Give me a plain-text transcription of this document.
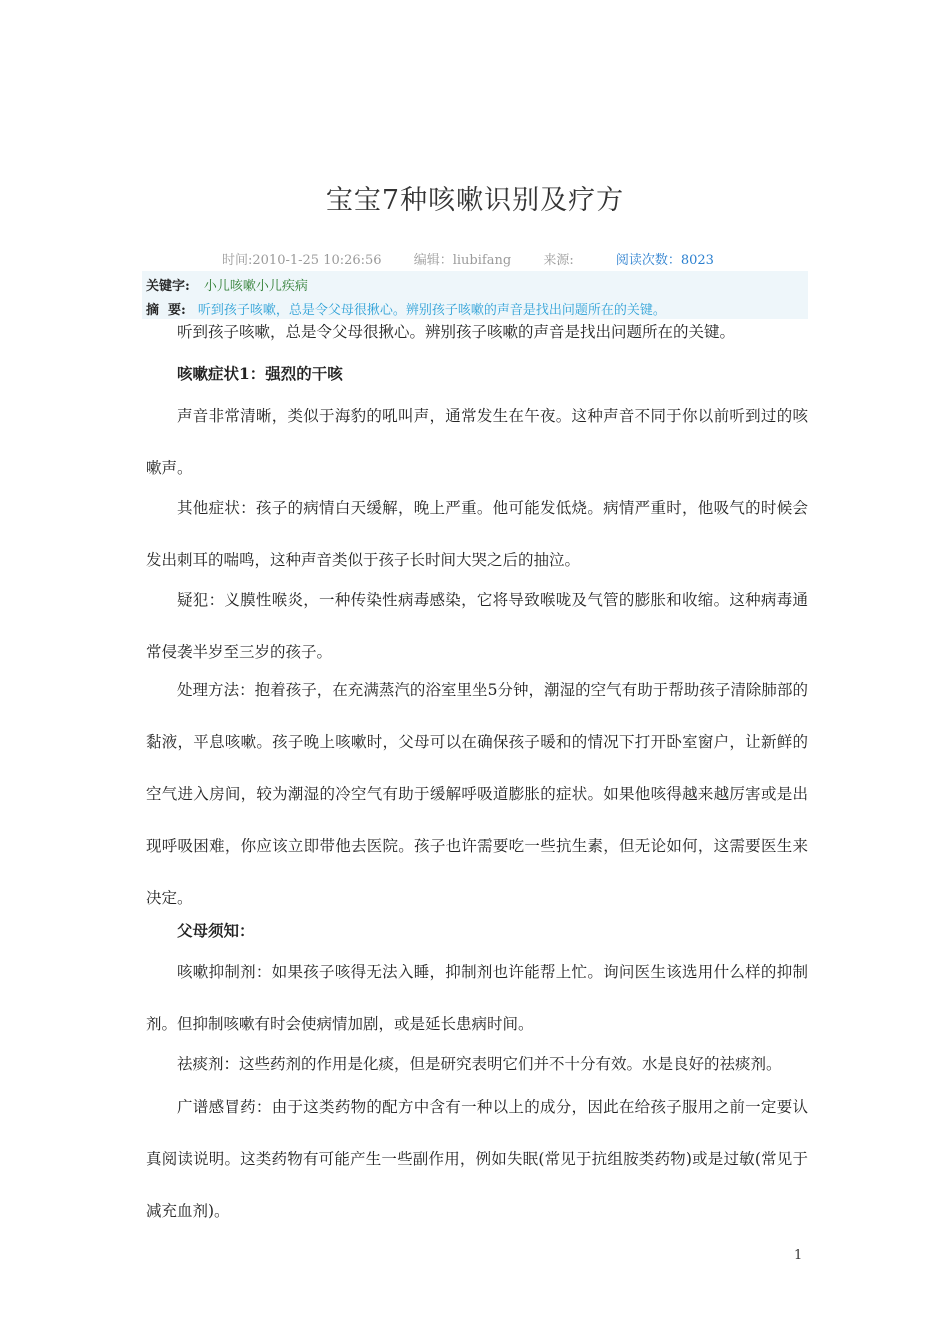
宝宝7种咳嗽识别及疗方
时间:2010-1-25 10:26:56 编辑：liubifang 来源:	阅读次数：8023
关键字: 小儿咳嗽小儿疾病
摘  要: 听到孩子咳嗽，总是令父母很揪心。辨别孩子咳嗽的声音是找出问题所在的关键。
听到孩子咳嗽，总是令父母很揪心。辨别孩子咳嗽的声音是找出问题所在的关键。
咳嗽症状1：强烈的干咳
声音非常清晰，类似于海豹的吼叫声，通常发生在午夜。这种声音不同于你以前听到过的咳嗽声。
其他症状：孩子的病情白天缓解，晚上严重。他可能发低烧。病情严重时，他吸气的时候会发出刺耳的喘鸣，这种声音类似于孩子长时间大哭之后的抽泣。
疑犯：义膜性喉炎，一种传染性病毒感染，它将导致喉咙及气管的膨胀和收缩。这种病毒通常侵袭半岁至三岁的孩子。
处理方法：抱着孩子，在充满蒸汽的浴室里坐5分钟，潮湿的空气有助于帮助孩子清除肺部的黏液，平息咳嗽。孩子晚上咳嗽时，父母可以在确保孩子暖和的情况下打开卧室窗户，让新鲜的空气进入房间，较为潮湿的冷空气有助于缓解呼吸道膨胀的症状。如果他咳得越来越厉害或是出现呼吸困难，你应该立即带他去医院。孩子也许需要吃一些抗生素，但无论如何，这需要医生来决定。
父母须知：
咳嗽抑制剂：如果孩子咳得无法入睡，抑制剂也许能帮上忙。询问医生该选用什么样的抑制剂。但抑制咳嗽有时会使病情加剧，或是延长患病时间。
祛痰剂：这些药剂的作用是化痰，但是研究表明它们并不十分有效。水是良好的祛痰剂。
广谱感冒药：由于这类药物的配方中含有一种以上的成分，因此在给孩子服用之前一定要认真阅读说明。这类药物有可能产生一些副作用，例如失眠(常见于抗组胺类药物)或是过敏(常见于减充血剂)。
1
